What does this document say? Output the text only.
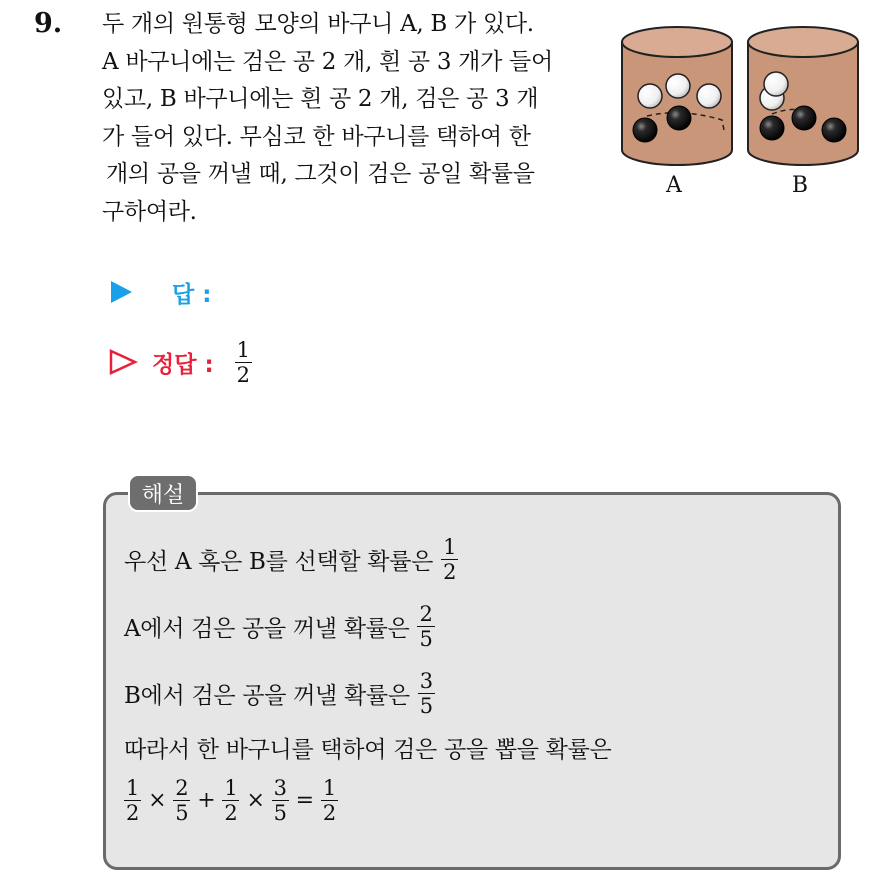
9. 두 개의 원통형 모양의 바구니 A, B 가 있다.
A 바구니에는 검은 공 2 개, 흰 공 3 개가 들어
있고, B 바구니에는 흰 공 2 개, 검은 공 3 개
가 들어 있다. 무심코 한 바구니를 택하여 한
개의 공을 꺼낼 때, 그것이 검은 공일 확률을
구하여라.
A	B
답 :
정답 : $\frac{1}{2}$
해설
우선 A 혹은 B를 선택할 확률은 $\frac{1}{2}$
A에서 검은 공을 꺼낼 확률은 $\frac{2}{5}$
B에서 검은 공을 꺼낼 확률은 $\frac{3}{5}$
따라서 한 바구니를 택하여 검은 공을 뽑을 확률은
$\frac{1}{2} \times \frac{2}{5} + \frac{1}{2} \times \frac{3}{5} = \frac{1}{2}$
